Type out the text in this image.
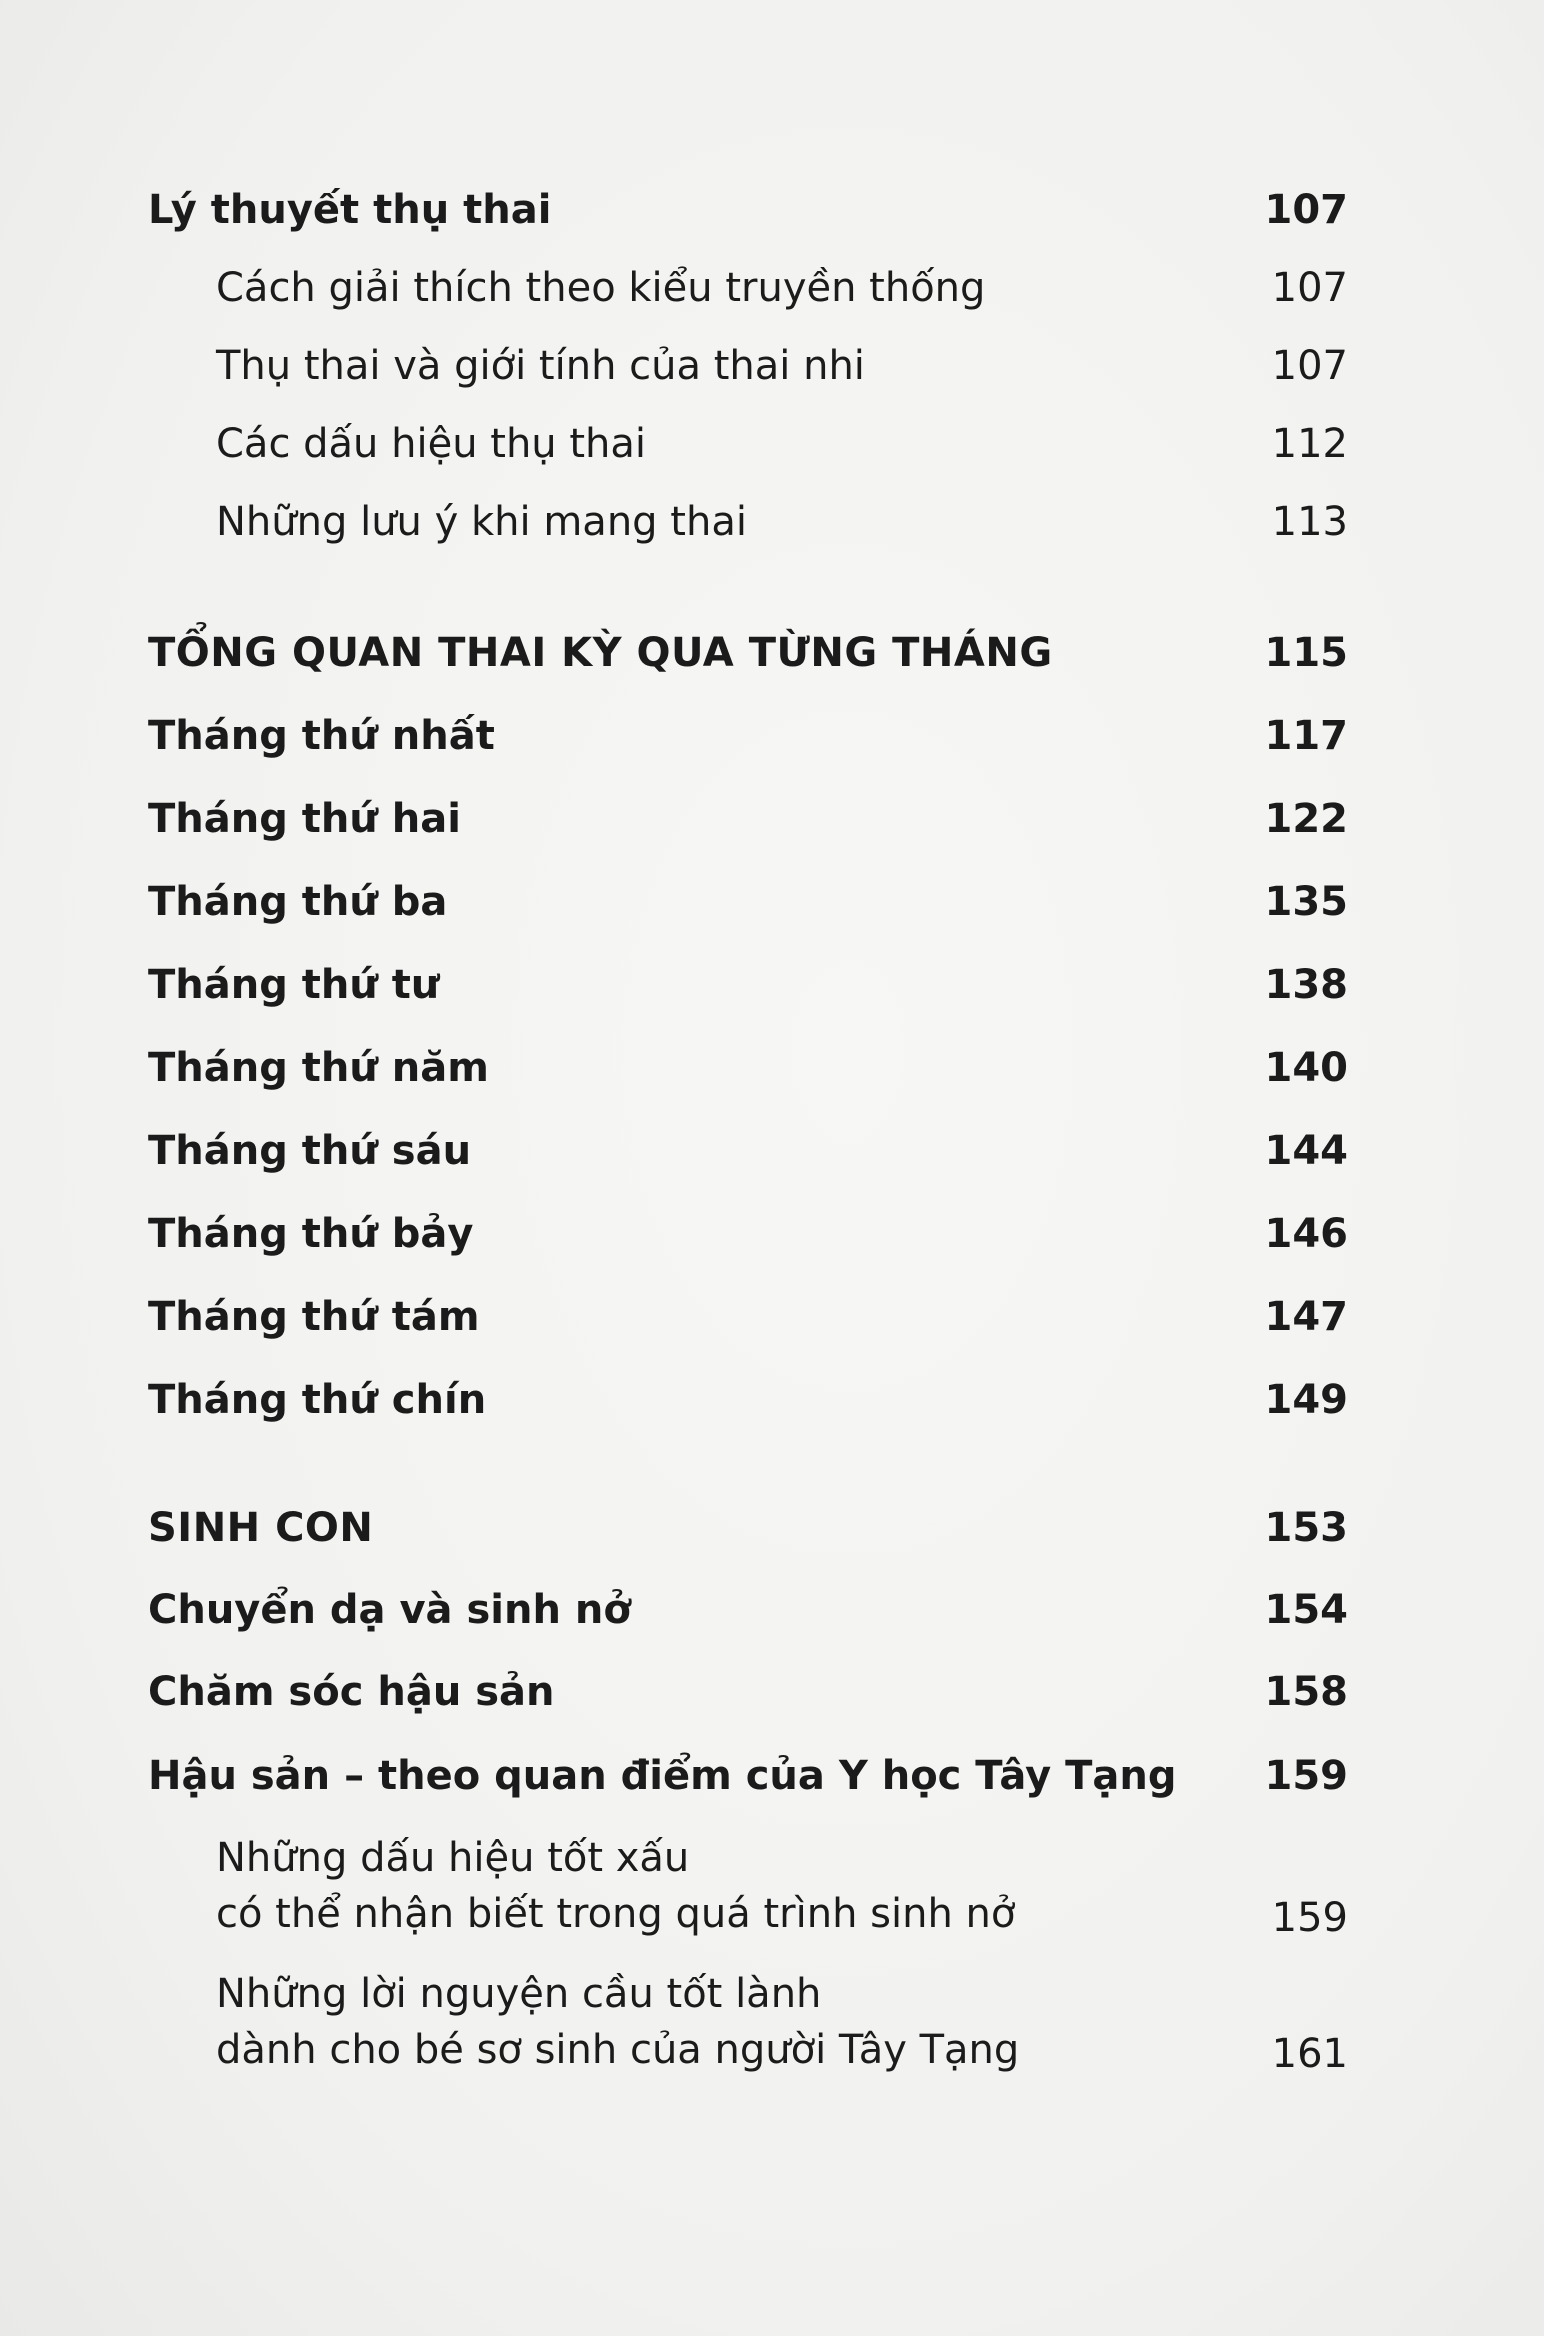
Lý thuyết thụ thai	107
Cách giải thích theo kiểu truyền thống	107
Thụ thai và giới tính của thai nhi	107
Các dấu hiệu thụ thai	112
Những lưu ý khi mang thai	113
TỔNG QUAN THAI KỲ QUA TỪNG THÁNG	115
Tháng thứ nhất	117
Tháng thứ hai	122
Tháng thứ ba	135
Tháng thứ tư	138
Tháng thứ năm	140
Tháng thứ sáu	144
Tháng thứ bảy	146
Tháng thứ tám	147
Tháng thứ chín	149
SINH CON	153
Chuyển dạ và sinh nở	154
Chăm sóc hậu sản	158
Hậu sản – theo quan điểm của Y học Tây Tạng 159
Những dấu hiệu tốt xấu
có thể nhận biết trong quá trình sinh nở	159
Những lời nguyện cầu tốt lành
dành cho bé sơ sinh của người Tây Tạng	161
